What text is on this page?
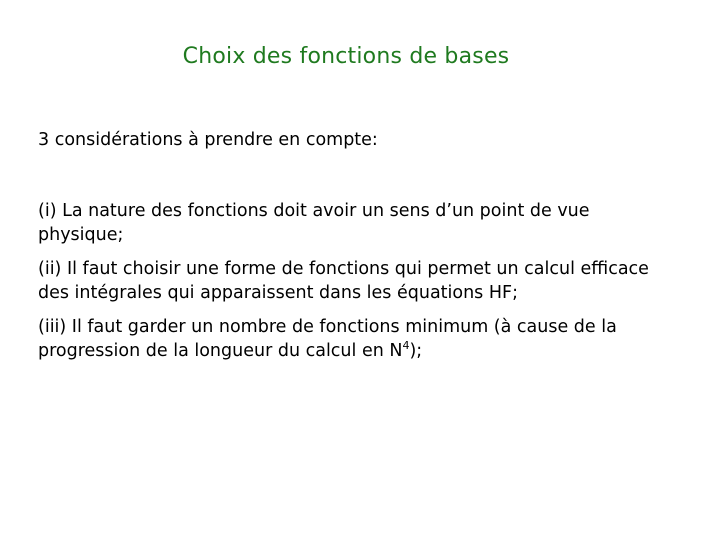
Choix des fonctions de bases
3 considérations à prendre en compte:

(i) La nature des fonctions doit avoir un sens d’un point de vue physique;

(ii) Il faut choisir une forme de fonctions qui permet un calcul efficace des intégrales qui apparaissent dans les équations HF;

(iii) Il faut garder un nombre de fonctions minimum (à cause de la progression de la longueur du calcul en $N^4$);
